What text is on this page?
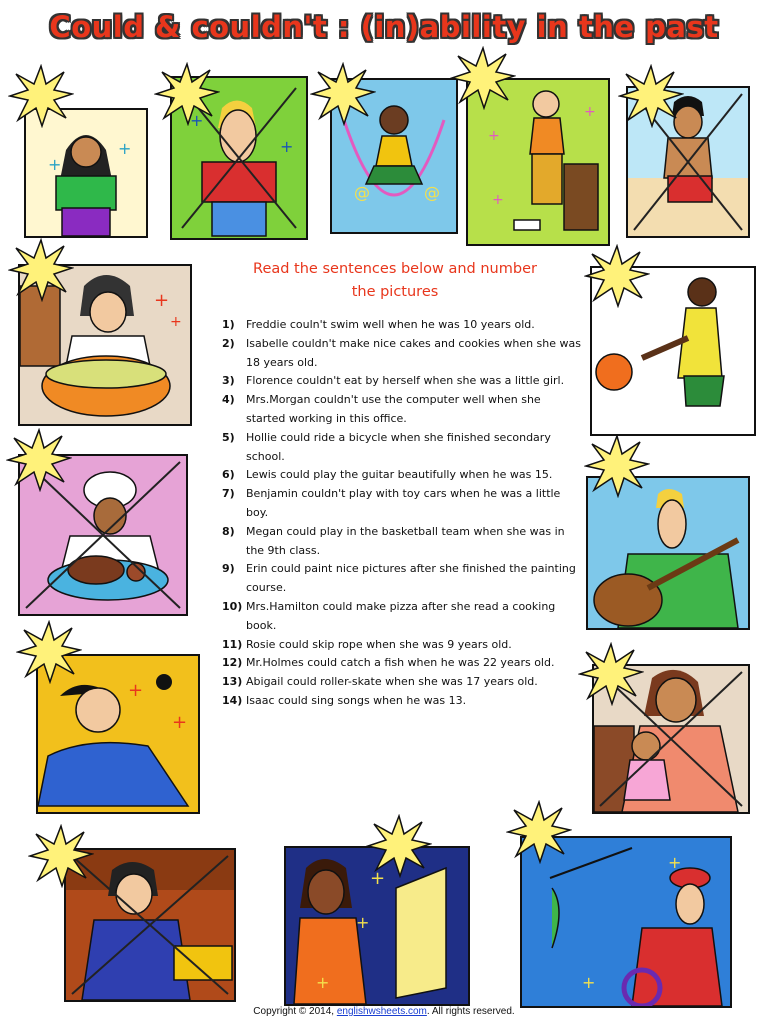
Could & couldn't : (in)ability in the past
+
+
+
+
@	@
+
+
+
+
+
+
+
+
+
+
+
+
Read the sentences below and number
the pictures
1) Freddie couln't swim well when he was 10 years old.
2) Isabelle couldn't make nice cakes and cookies when she was 18 years old.
3) Florence couldn't eat by herself when she was a little girl.
4) Mrs.Morgan couldn't use the computer well when she started working in this office.
5) Hollie could ride a bicycle when she finished secondary school.
6) Lewis could play the guitar beautifully when he was 15.
7) Benjamin couldn't play with toy cars when he was a little boy.
8) Megan could play in the basketball team when she was in the 9th class.
9) Erin could paint nice pictures after she finished the painting course.
10) Mrs.Hamilton could make pizza after she read a cooking book.
11) Rosie could skip rope when she was 9 years old.
12) Mr.Holmes could catch a fish when he was 22 years old.
13) Abigail could roller-skate when she was 17 years old.
14) Isaac could sing songs when he was 13.
Copyright © 2014, englishwsheets.com. All rights reserved.
